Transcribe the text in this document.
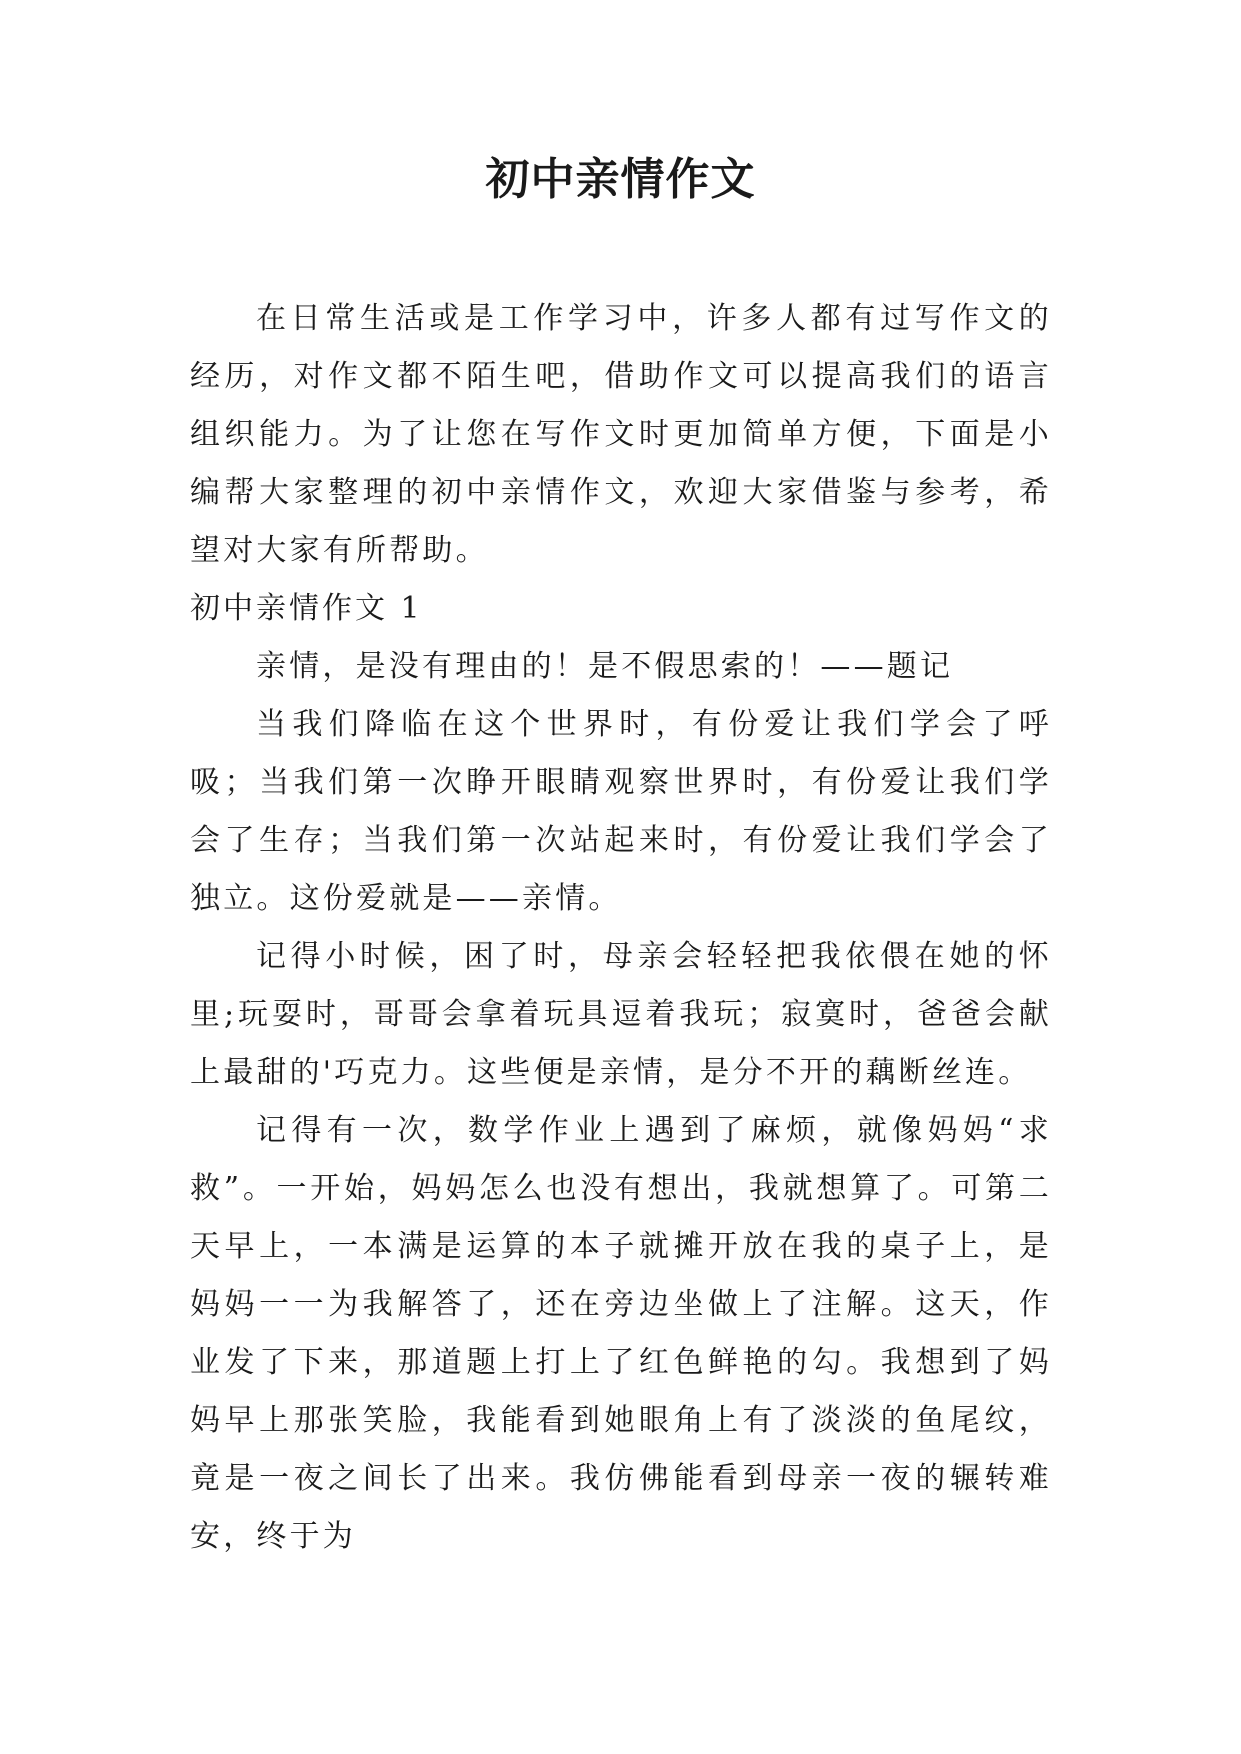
初中亲情作文

在日常生活或是工作学习中，许多人都有过写作文的经历，对作文都不陌生吧，借助作文可以提高我们的语言组织能力。为了让您在写作文时更加简单方便，下面是小编帮大家整理的初中亲情作文，欢迎大家借鉴与参考，希望对大家有所帮助。

初中亲情作文 1

亲情，是没有理由的！是不假思索的！——题记

当我们降临在这个世界时，有份爱让我们学会了呼吸；当我们第一次睁开眼睛观察世界时，有份爱让我们学会了生存；当我们第一次站起来时，有份爱让我们学会了独立。这份爱就是——亲情。

记得小时候，困了时，母亲会轻轻把我依偎在她的怀里;玩耍时，哥哥会拿着玩具逗着我玩；寂寞时，爸爸会献上最甜的'巧克力。这些便是亲情，是分不开的藕断丝连。

记得有一次，数学作业上遇到了麻烦，就像妈妈“求救”。一开始，妈妈怎么也没有想出，我就想算了。可第二天早上，一本满是运算的本子就摊开放在我的桌子上，是妈妈一一为我解答了，还在旁边坐做上了注解。这天，作业发了下来，那道题上打上了红色鲜艳的勾。我想到了妈妈早上那张笑脸，我能看到她眼角上有了淡淡的鱼尾纹，竟是一夜之间长了出来。我仿佛能看到母亲一夜的辗转难安，终于为
